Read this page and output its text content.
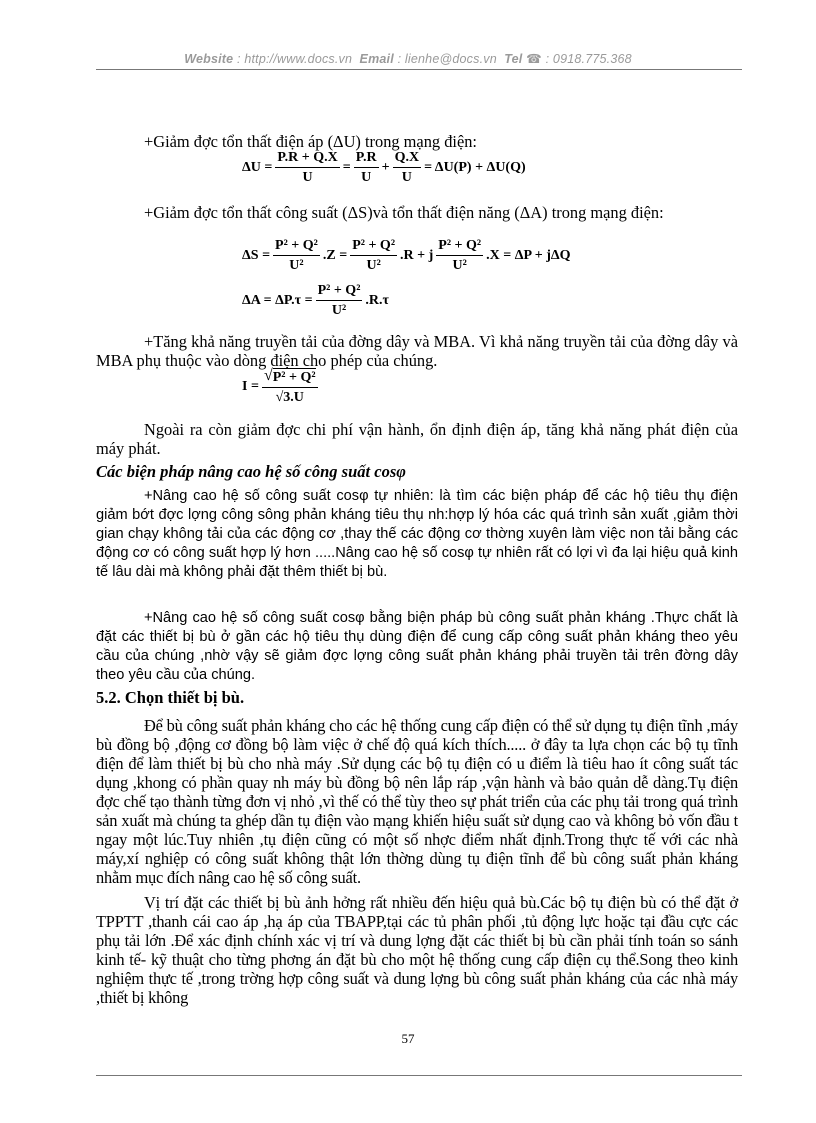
Website : http://www.docs.vn Email : lienhe@docs.vn Tel ☎ : 0918.775.368
+Giảm đợc tổn thất điện áp (ΔU) trong mạng điện:
$\Delta U = \frac{P.R + Q.X}{U} = \frac{P.R}{U} + \frac{Q.X}{U} = \Delta U(P) + \Delta U(Q)$
+Giảm đợc tổn thất công suất (ΔS)và tổn thất điện năng (ΔA) trong mạng điện:
$\Delta S = \frac{\text{P² + Q²}}{\text{U²}} .Z = \frac{\text{P² + Q²}}{\text{U²}} .R + j \frac{\text{P² + Q²}}{\text{U²}} .X = \Delta P + j\Delta Q$
$\Delta A = \Delta P.\tau = \frac{\text{P² + Q²}}{\text{U²}} .R.\tau$
+Tăng khả năng truyền tải của đờng dây và MBA. Vì khả năng truyền tải của đờng dây và MBA phụ thuộc vào dòng điện cho phép của chúng.
$I = \frac{\text{√ P² + Q²}}{√3.U}$
Ngoài ra còn giảm đợc chi phí vận hành, ổn định điện áp, tăng khả năng phát điện của máy phát.
Các biện pháp nâng cao hệ số công suất cosφ
+Nâng cao hệ số công suất cosφ tự nhiên: là tìm các biện pháp để các hộ tiêu thụ điện giảm bớt đợc lợng công sông phản kháng tiêu thụ nh:hợp lý hóa các quá trình sản xuất ,giảm thời gian chạy không tải của các động cơ ,thay thế các động cơ thờng xuyên làm việc non tải bằng các động cơ có công suất hợp lý hơn .....Nâng cao hệ số cosφ tự nhiên rất có lợi vì đa lại hiệu quả kinh tế lâu dài mà không phải đặt thêm thiết bị bù.
+Nâng cao hệ số công suất cosφ bằng biện pháp bù công suất phản kháng .Thực chất là đặt các thiết bị bù ở gần các hộ tiêu thụ dùng điện để cung cấp công suất phản kháng theo yêu cầu của chúng ,nhờ vậy sẽ giảm đợc lợng công suất phản kháng phải truyền tải trên đờng dây theo yêu cầu của chúng.
5.2. Chọn thiết bị bù.
Để bù công suất phản kháng cho các hệ thống cung cấp điện có thể sử dụng tụ điện tĩnh ,máy bù đồng bộ ,động cơ đồng bộ làm việc ở chế độ quá kích thích..... ở đây ta lựa chọn các bộ tụ tĩnh điện để làm thiết bị bù cho nhà máy .Sử dụng các bộ tụ điện có u điểm là tiêu hao ít công suất tác dụng ,khong có phần quay nh máy bù đồng bộ nên lắp ráp ,vận hành và bảo quản dễ dàng.Tụ điện đợc chế tạo thành từng đơn vị nhỏ ,vì thế có thể tùy theo sự phát triển của các phụ tải trong quá trình sản xuất mà chúng ta ghép dần tụ điện vào mạng khiến hiệu suất sử dụng cao và không bỏ vốn đầu t ngay một lúc.Tuy nhiên ,tụ điện cũng có một số nhợc điểm nhất định.Trong thực tế với các nhà máy,xí nghiệp có công suất không thật lớn thờng dùng tụ điện tĩnh để bù công suất phản kháng nhằm mục đích nâng cao hệ số công suất.
Vị trí đặt các thiết bị bù ảnh hởng rất nhiều đến hiệu quả bù.Các bộ tụ điện bù có thể đặt ở TPPTT ,thanh cái cao áp ,hạ áp của TBAPP,tại các tủ phân phối ,tủ động lực hoặc tại đầu cực các phụ tải lớn .Để xác định chính xác vị trí và dung lợng đặt các thiết bị bù cần phải tính toán so sánh kinh tế- kỹ thuật cho từng phơng án đặt bù cho một hệ thống cung cấp điện cụ thể.Song theo kinh nghiệm thực tế ,trong trờng hợp công suất và dung lợng bù công suất phản kháng của các nhà máy ,thiết bị không
57
